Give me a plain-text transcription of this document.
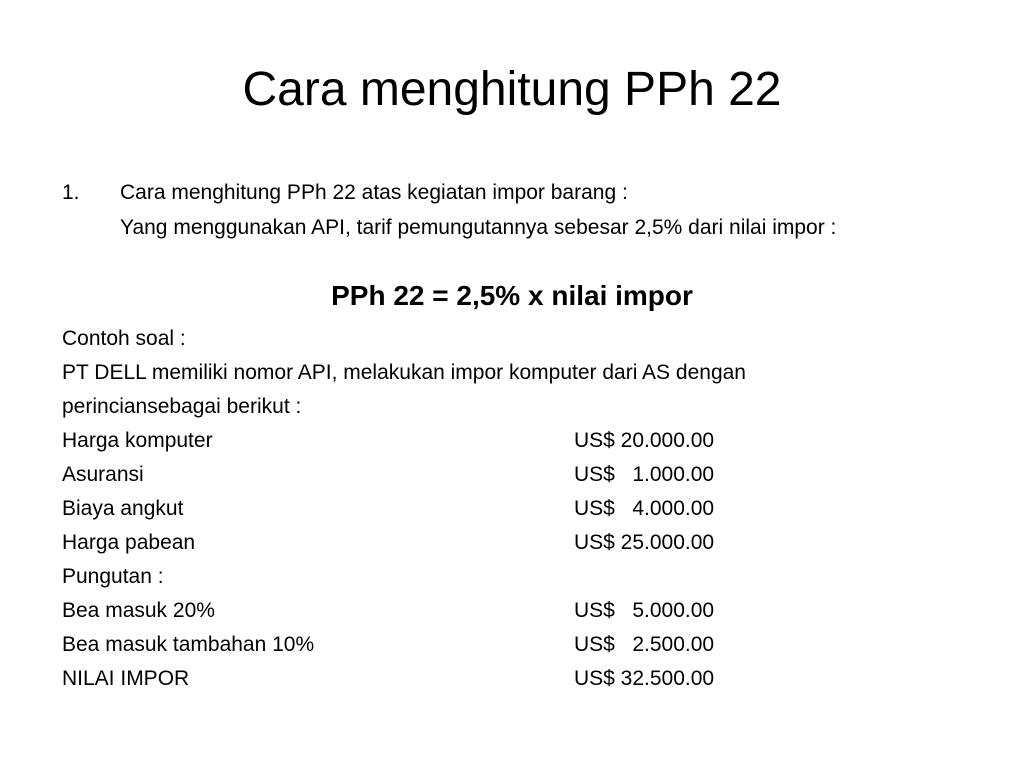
Cara menghitung PPh 22
1. Cara menghitung PPh 22 atas kegiatan impor barang :
Yang menggunakan API, tarif pemungutannya sebesar 2,5% dari nilai impor :
PPh 22 = 2,5% x nilai impor
Contoh soal :
PT DELL memiliki nomor API, melakukan impor komputer dari AS dengan
perinciansebagai berikut :
Harga komputer	US$ 20.000.00
Asuransi	US$   1.000.00
Biaya angkut	US$   4.000.00
Harga pabean	US$ 25.000.00
Pungutan :
Bea masuk 20%	US$   5.000.00
Bea masuk tambahan 10%	US$   2.500.00
NILAI IMPOR	US$ 32.500.00
